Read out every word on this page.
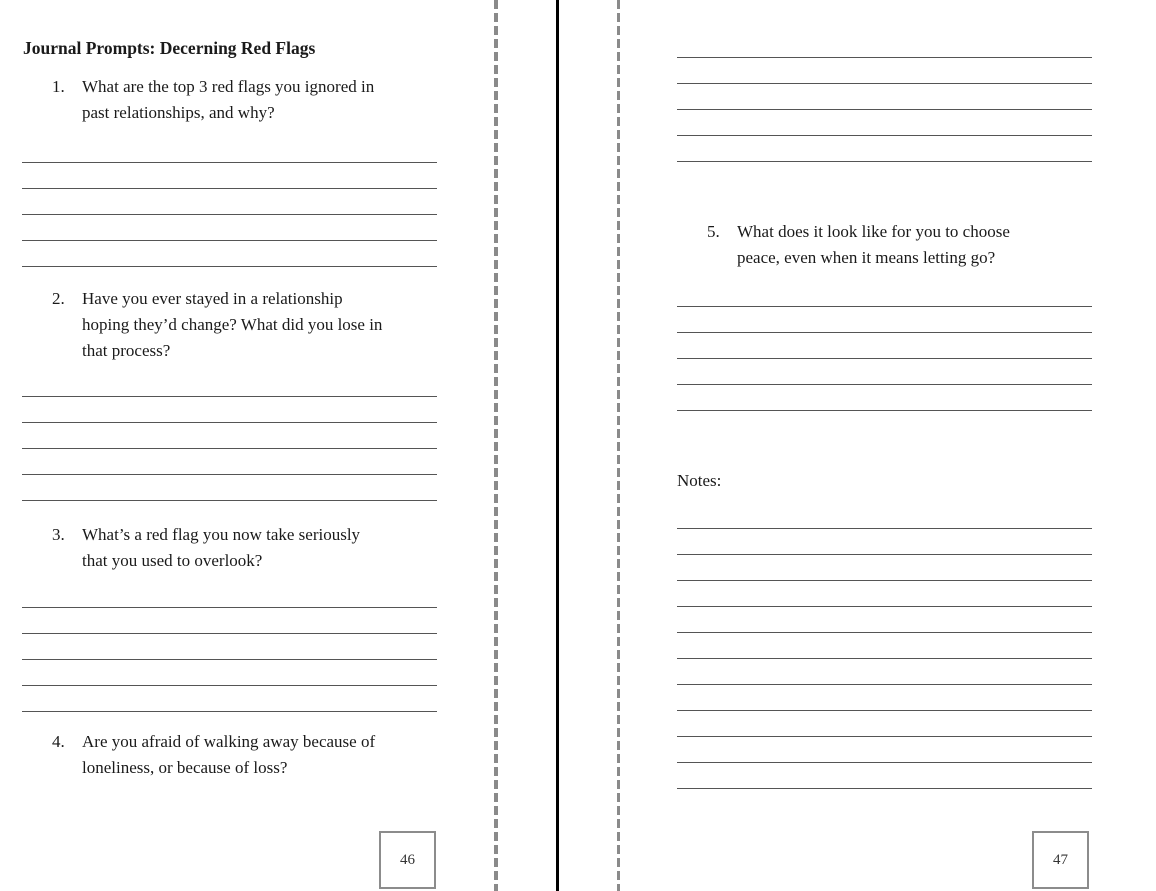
Journal Prompts: Decerning Red Flags
1.	What are the top 3 red flags you ignored in
past relationships, and why?
2.	Have you ever stayed in a relationship
hoping they’d change? What did you lose in
that process?
3.	What’s a red flag you now take seriously
that you used to overlook?
4.	Are you afraid of walking away because of
loneliness, or because of loss?
46
5.	What does it look like for you to choose
peace, even when it means letting go?
Notes:
47
